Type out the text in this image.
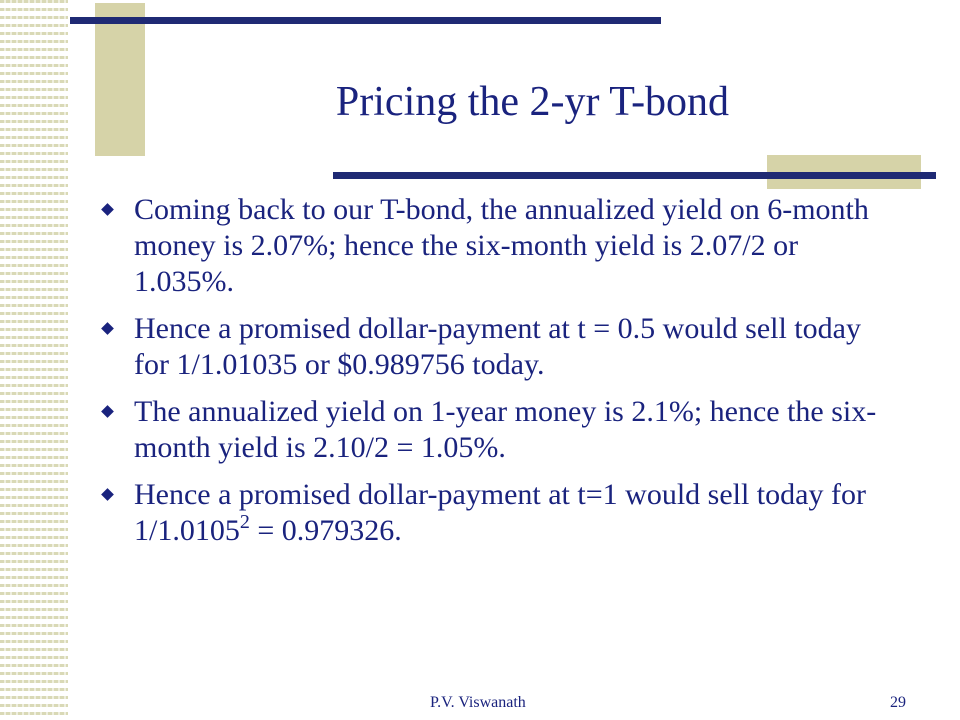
Pricing the 2-yr T-bond
Coming back to our T-bond, the annualized yield on 6-month money is 2.07%; hence the six-month yield is 2.07/2 or 1.035%.
Hence a promised dollar-payment at t = 0.5 would sell today for 1/1.01035 or $0.989756 today.
The annualized yield on 1-year money is 2.1%; hence the six-month yield is 2.10/2 = 1.05%.
Hence a promised dollar-payment at t=1 would sell today for $1/1.0105^2 = 0.979326$.
P.V. Viswanath	29
